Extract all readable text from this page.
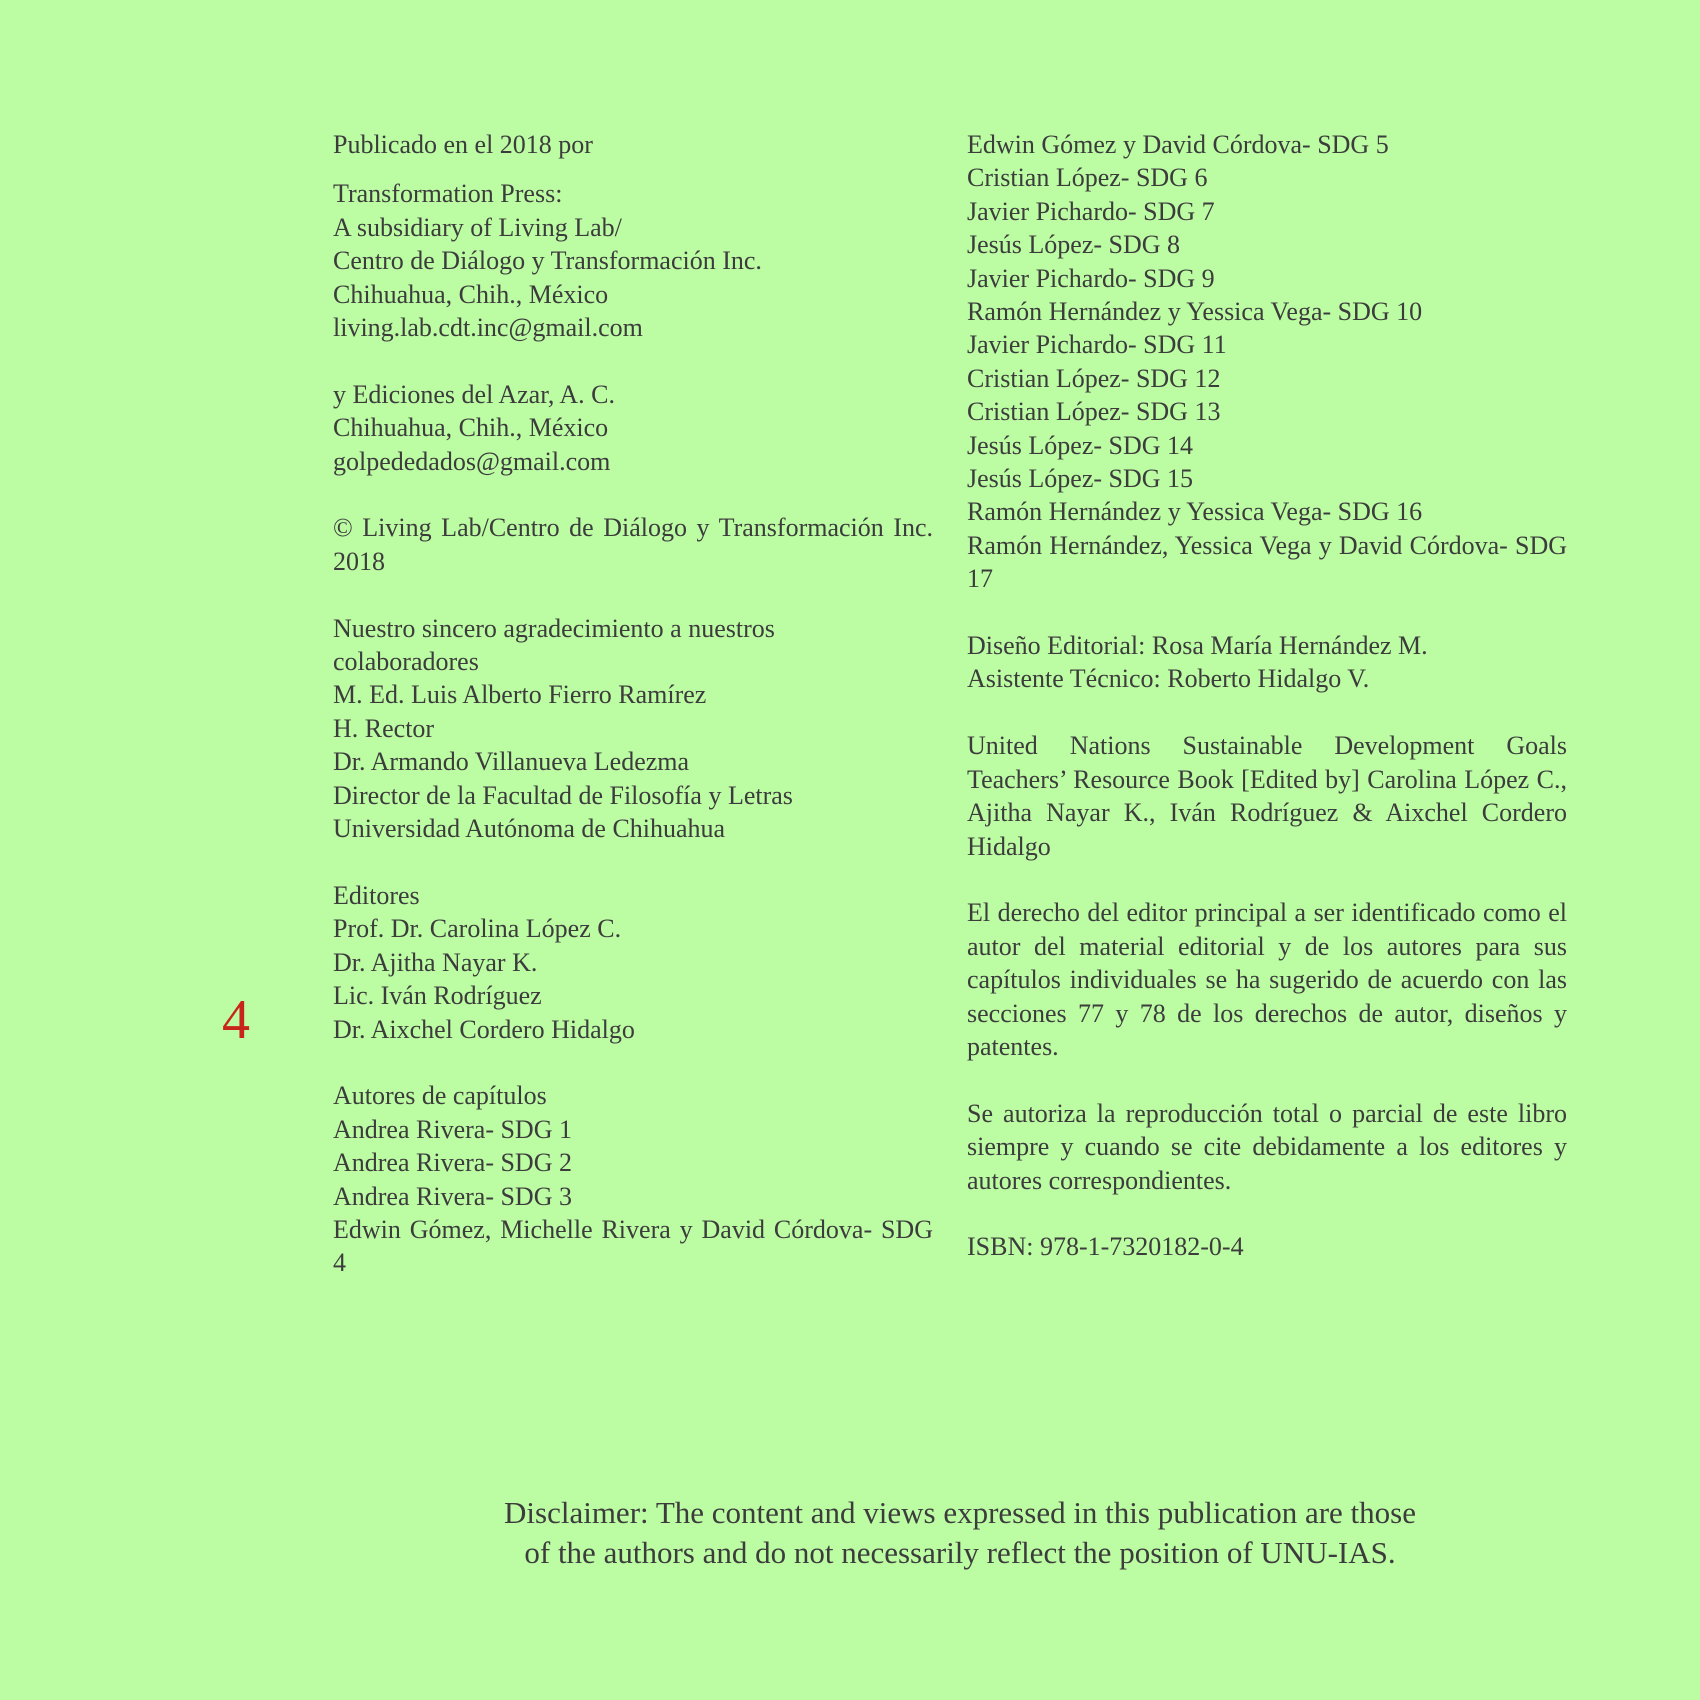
Publicado en el 2018 por
Transformation Press:
A subsidiary of Living Lab/
Centro de Diálogo y Transformación Inc.
Chihuahua, Chih., México
living.lab.cdt.inc@gmail.com
y Ediciones del Azar, A. C.
Chihuahua, Chih., México
golpededados@gmail.com
© Living Lab/Centro de Diálogo y Transformación Inc. 2018
Nuestro sincero agradecimiento a nuestros
colaboradores
M. Ed. Luis Alberto Fierro Ramírez
H. Rector
Dr. Armando Villanueva Ledezma
Director de la Facultad de Filosofía y Letras
Universidad Autónoma de Chihuahua
Editores
Prof. Dr. Carolina López C.
Dr. Ajitha Nayar K.
Lic. Iván Rodríguez
Dr. Aixchel Cordero Hidalgo
Autores de capítulos
Andrea Rivera- SDG 1
Andrea Rivera- SDG 2
Andrea Rivera- SDG 3
Edwin Gómez, Michelle Rivera y David Córdova- SDG 4
Edwin Gómez y David Córdova- SDG 5
Cristian López- SDG 6
Javier Pichardo- SDG 7
Jesús López- SDG 8
Javier Pichardo- SDG 9
Ramón Hernández y Yessica Vega- SDG 10
Javier Pichardo- SDG 11
Cristian López- SDG 12
Cristian López- SDG 13
Jesús López- SDG 14
Jesús López- SDG 15
Ramón Hernández y Yessica Vega- SDG 16
Ramón Hernández, Yessica Vega y David Córdova- SDG 17
Diseño Editorial: Rosa María Hernández M.
Asistente Técnico: Roberto Hidalgo V.
United Nations Sustainable Development Goals Teachers’ Resource Book [Edited by] Carolina López C., Ajitha Nayar K., Iván Rodríguez & Aixchel Cordero Hidalgo
El derecho del editor principal a ser identificado como el autor del material editorial y de los autores para sus capítulos individuales se ha sugerido de acuerdo con las secciones 77 y 78 de los derechos de autor, diseños y patentes.
Se autoriza la reproducción total o parcial de este libro siempre y cuando se cite debidamente a los editores y autores correspondientes.
ISBN: 978-1-7320182-0-4
4
Disclaimer: The content and views expressed in this publication are those
of the authors and do not necessarily reflect the position of UNU-IAS.
